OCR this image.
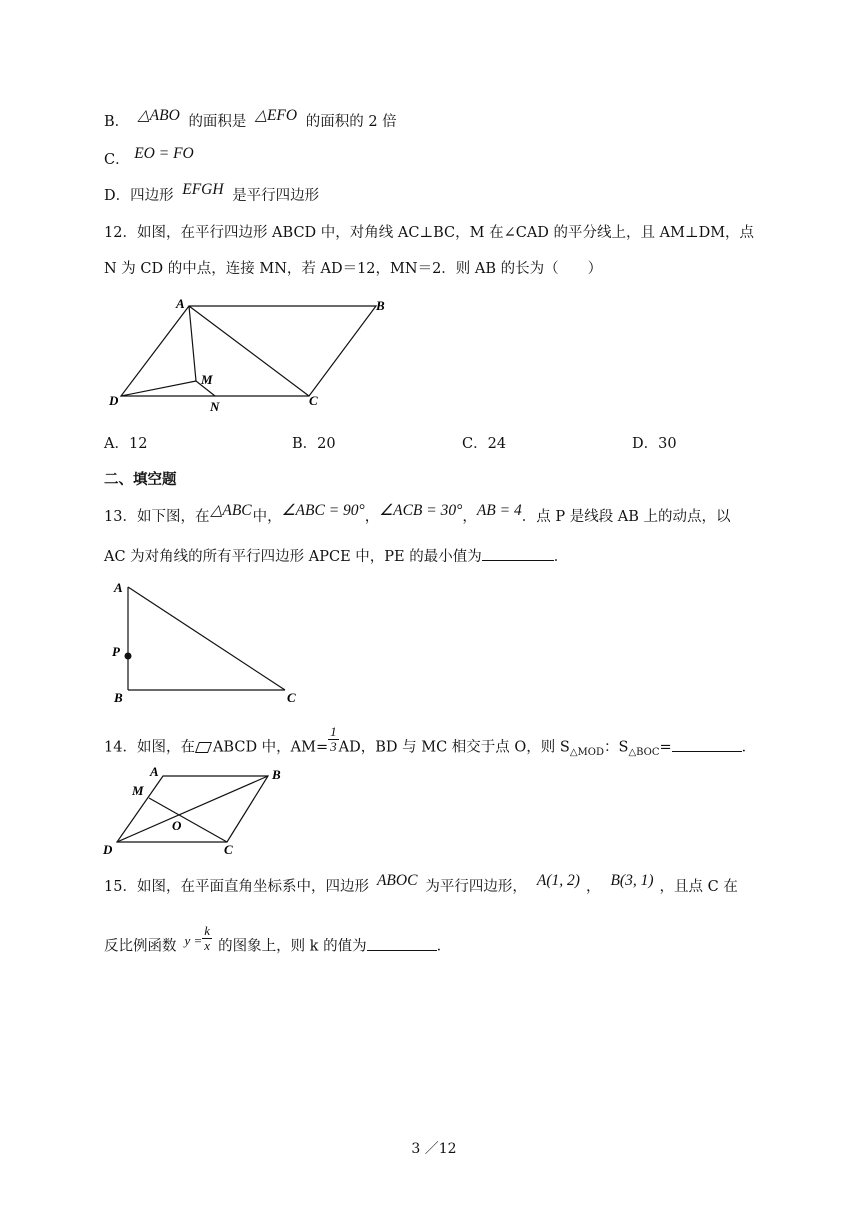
B． △ABO 的面积是 △EFO 的面积的 2 倍
C． EO = FO
D．四边形 EFGH 是平行四边形
12．如图，在平行四边形 ABCD 中，对角线 AC⊥BC，M 在∠CAD 的平分线上，且 AM⊥DM，点
N 为 CD 的中点，连接 MN，若 AD＝12，MN＝2．则 AB 的长为（　　）
A	B
C
D
M
N
A．12	B．20	C．24	D．30
二、填空题
13．如下图，在△ABC中，∠ABC = 90°，∠ACB = 30°，AB = 4．点 P 是线段 AB 上的动点，以
AC 为对角线的所有平行四边形 APCE 中，PE 的最小值为	．
A
P
B	C
14．如图，在 ABCD 中，$AM= \frac{1}{3}$ AD，BD 与 MC 相交于点 O，则 $S_{\triangle MOD}$：$S_{\triangle BOC}=$	．
A	B
M
O
D	C
15．如图，在平面直角坐标系中，四边形 ABOC 为平行四边形， A(1, 2) ， B(3, 1) ，且点 C 在
反比例函数 $y = \frac{k}{x}$ 的图象上，则 k 的值为	．
3 ／12
